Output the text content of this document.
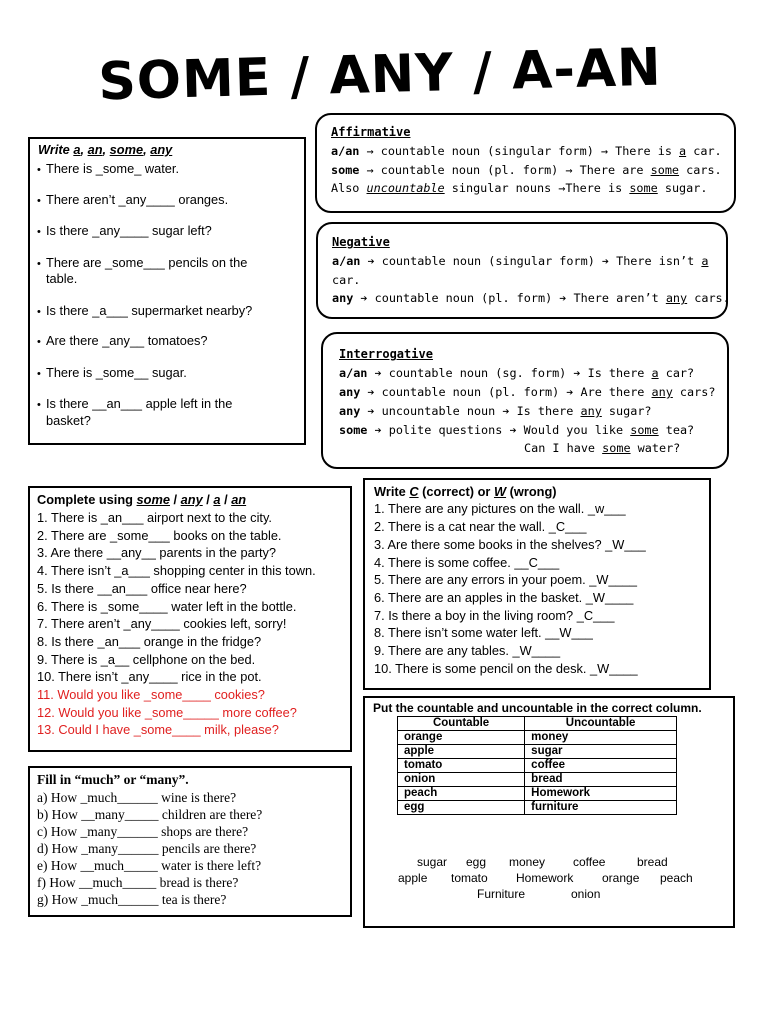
SOME / ANY / A-AN
Write a, an, some, any
• There is _some_ water.
• There aren’t _any____ oranges.
• Is there _any____ sugar left?
• There are _some___ pencils on the
table.
• Is there _a___ supermarket nearby?
• Are there _any__ tomatoes?
• There is _some__ sugar.
• Is there __an___ apple left in the
basket?
Affirmative
a/an → countable noun (singular form) → There is a car.
some → countable noun (pl. form) → There are some cars.
Also uncountable singular nouns →There is some sugar.
Negative
a/an ➔ countable noun (singular form) ➔ There isn’t a
car.
any ➔ countable noun (pl. form) ➔ There aren’t any cars.
Interrogative
a/an ➔ countable noun (sg. form) ➔ Is there a car?
any ➔ countable noun (pl. form) ➔ Are there any cars?
any ➔ uncountable noun ➔ Is there any sugar?
some ➔ polite questions ➔ Would you like some tea?
Can I have some water?
Complete using some / any / a / an
1. There is _an___ airport next to the city.
2. There are _some___ books on the table.
3. Are there __any__ parents in the party?
4. There isn’t _a___ shopping center in this town.
5. Is there __an___ office near here?
6. There is _some____ water left in the bottle.
7. There aren’t _any____ cookies left, sorry!
8. Is there _an___ orange in the fridge?
9. There is _a__ cellphone on the bed.
10. There isn’t _any____ rice in the pot.
11. Would you like _some____ cookies?
12. Would you like _some_____ more coffee?
13. Could I have _some____ milk, please?
Write C (correct) or W (wrong)
1. There are any pictures on the wall. _w___
2. There is a cat near the wall. _C___
3. Are there some books in the shelves? _W___
4. There is some coffee. __C___
5. There are any errors in your poem. _W____
6. There are an apples in the basket. _W____
7. Is there a boy in the living room? _C___
8. There isn’t some water left. __W___
9. There are any tables. _W____
10. There is some pencil on the desk. _W____
Put the countable and uncountable in the correct column.
Countable	Uncountable
orange	money
apple	sugar
tomato	coffee
onion	bread
peach	Homework
egg	furniture
sugar egg money coffee	bread
apple tomato Homework orange peach
Furniture	onion
Fill in “much” or “many”.
a) How _much______ wine is there?
b) How __many_____ children are there?
c) How _many______ shops are there?
d) How _many______ pencils are there?
e) How __much_____ water is there left?
f) How __much_____ bread is there?
g) How _much______ tea is there?
